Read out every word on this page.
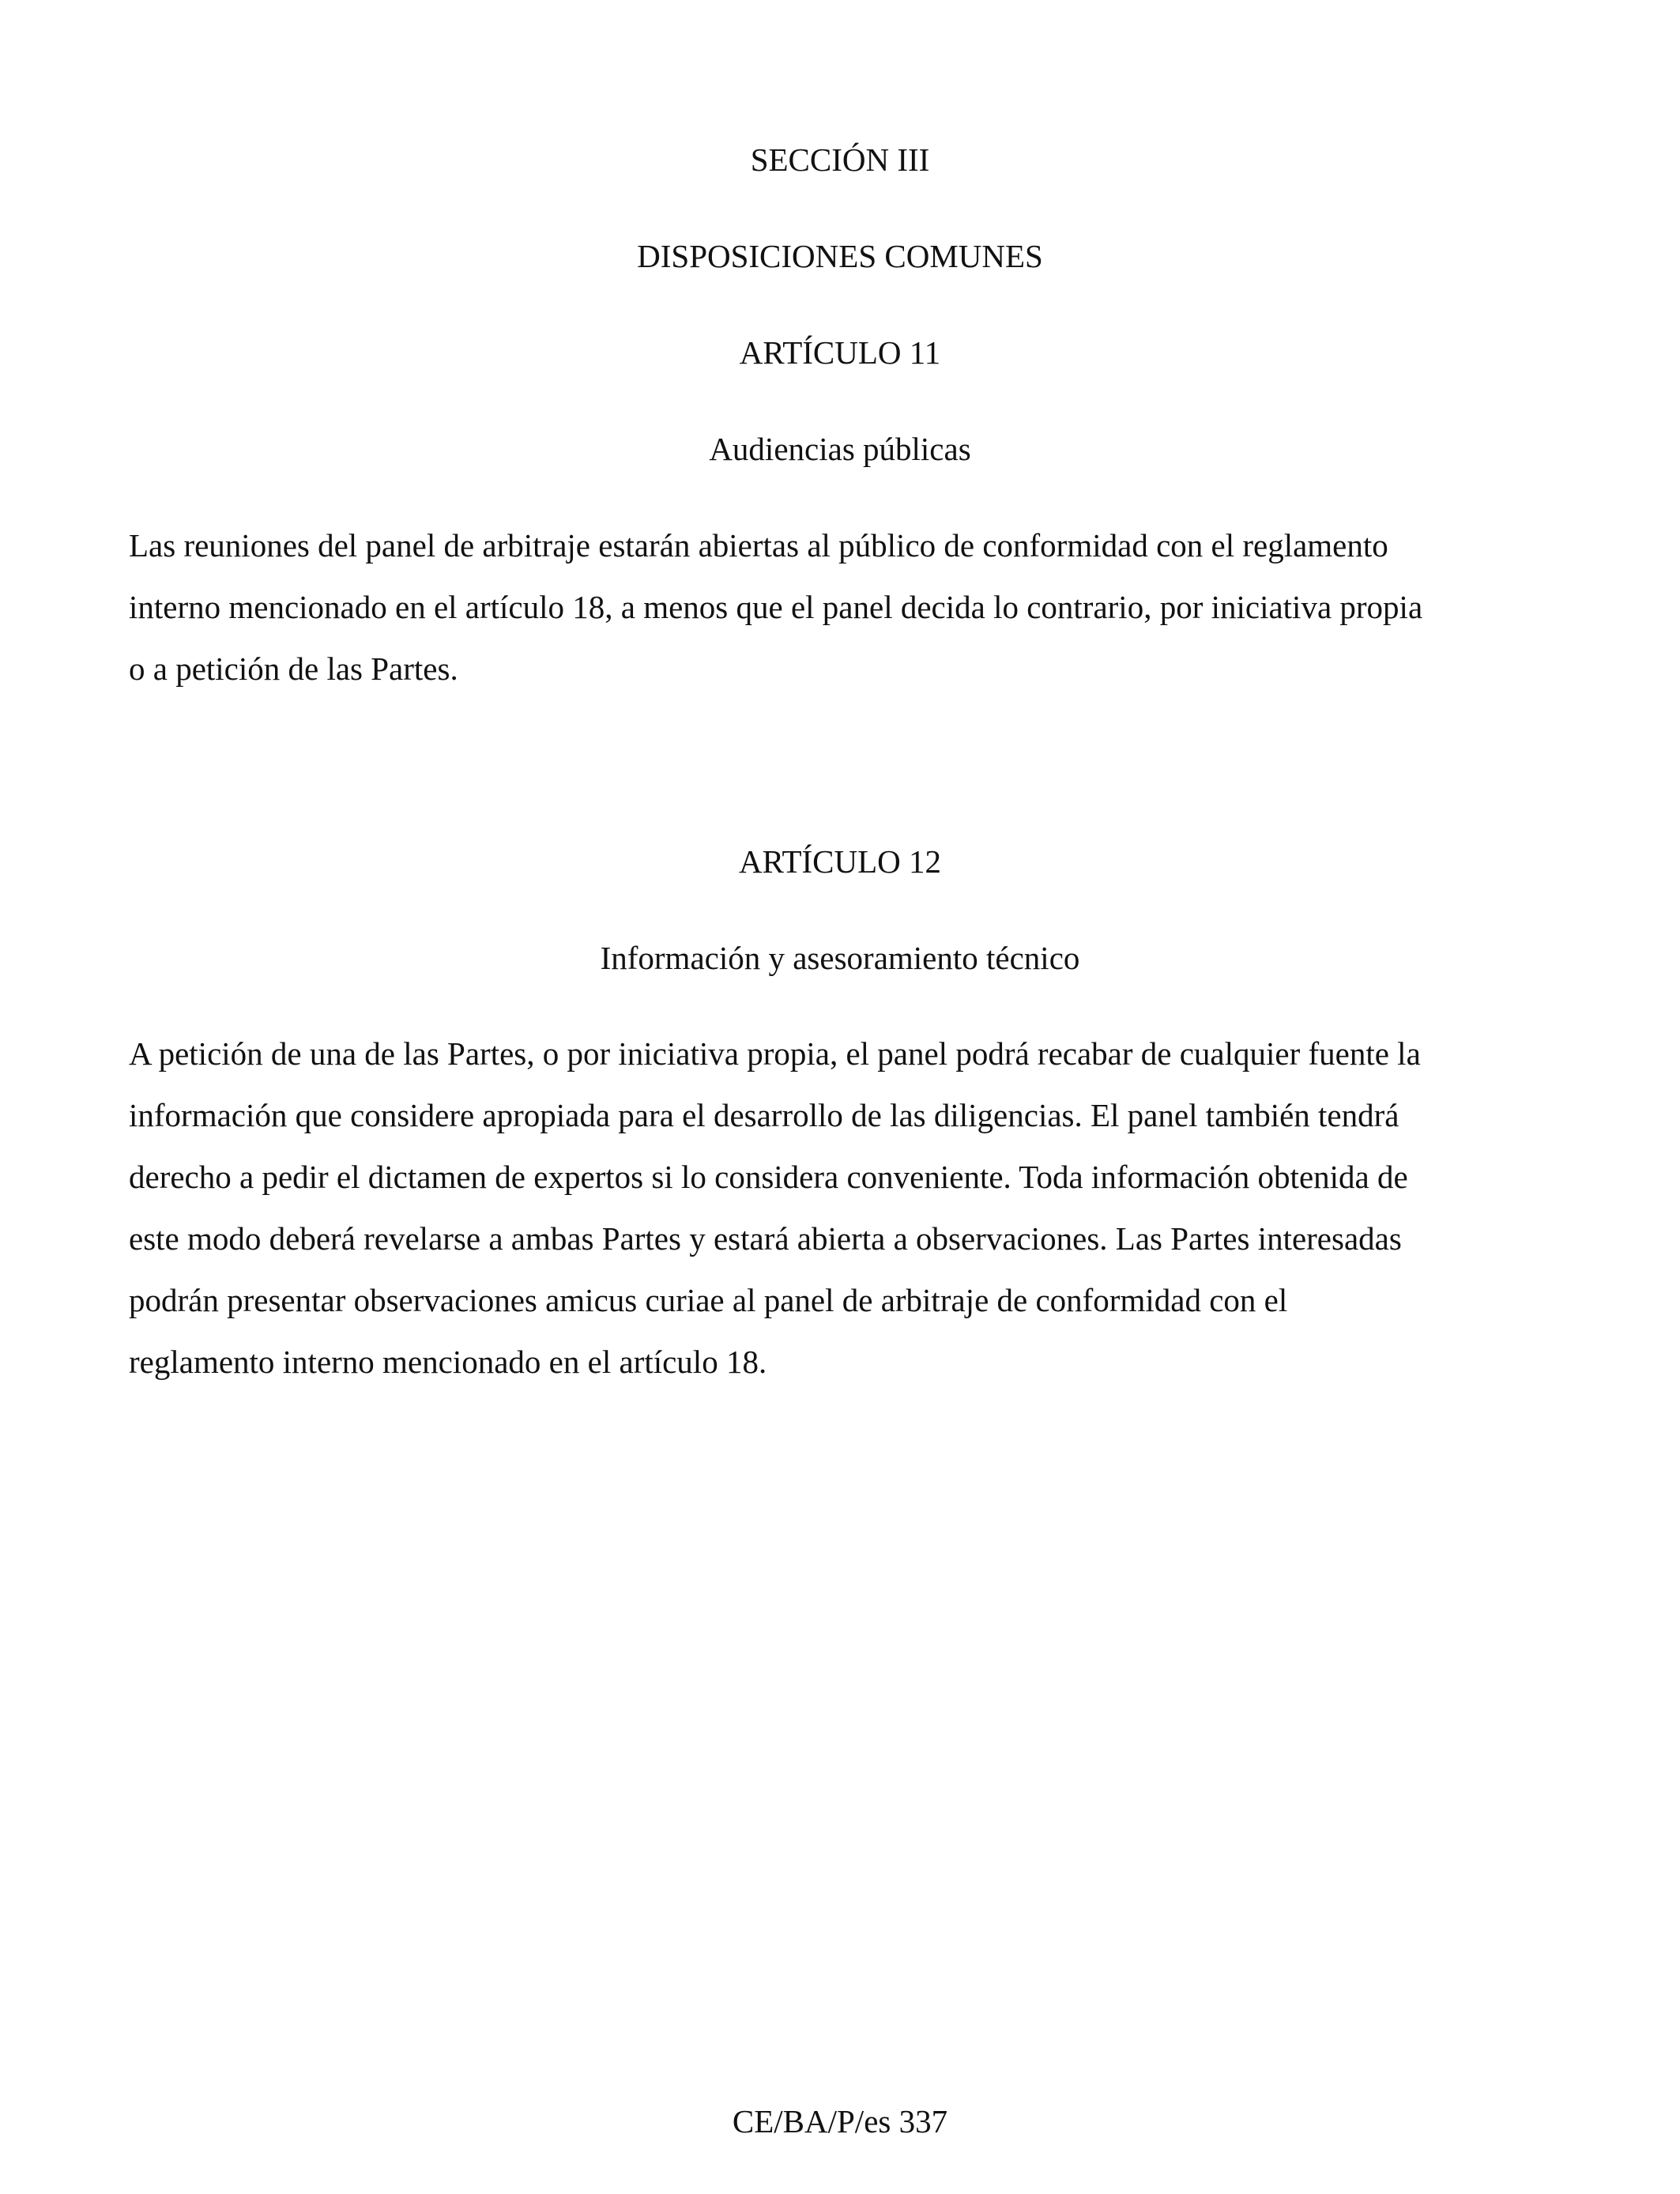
SECCIÓN III
DISPOSICIONES COMUNES
ARTÍCULO 11
Audiencias públicas
Las reuniones del panel de arbitraje estarán abiertas al público de conformidad con el reglamento
interno mencionado en el artículo 18, a menos que el panel decida lo contrario, por iniciativa propia
o a petición de las Partes.
ARTÍCULO 12
Información y asesoramiento técnico
A petición de una de las Partes, o por iniciativa propia, el panel podrá recabar de cualquier fuente la
información que considere apropiada para el desarrollo de las diligencias. El panel también tendrá
derecho a pedir el dictamen de expertos si lo considera conveniente. Toda información obtenida de
este modo deberá revelarse a ambas Partes y estará abierta a observaciones. Las Partes interesadas
podrán presentar observaciones amicus curiae al panel de arbitraje de conformidad con el
reglamento interno mencionado en el artículo 18.
CE/BA/P/es 337
